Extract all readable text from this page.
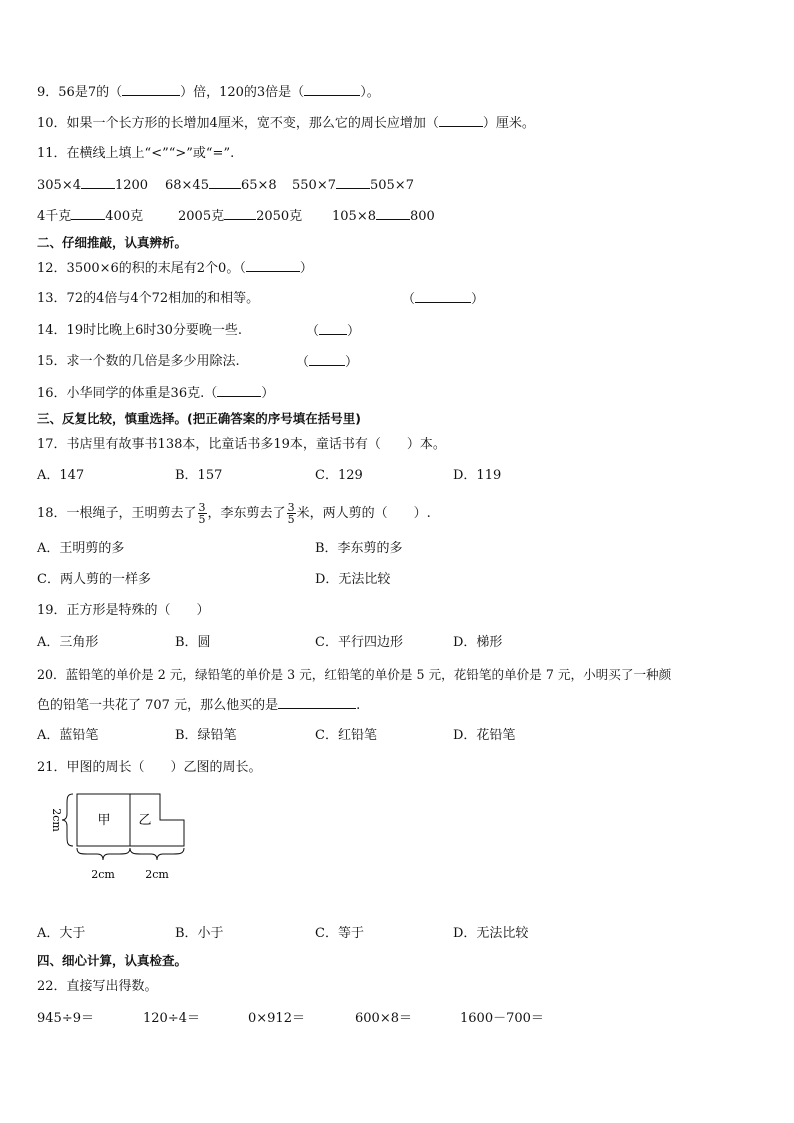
9．56是7的（	）倍，120的3倍是（	）。
10．如果一个长方形的长增加4厘米，宽不变，那么它的周长应增加（	）厘米。
11．在横线上填上“<”“>”或“=”.
305×4	1200 68×45 65×8 550×7	505×7
4千克	400克	2005克 2050克 105×8	800
二、仔细推敲，认真辨析。
12．3500×6的积的末尾有2个0。（	）
13．72的4倍与4个72相加的和相等。	（	）
14．19时比晚上6时30分要晚一些.	（ ）
15．求一个数的几倍是多少用除法.	（	）
16．小华同学的体重是36克.（	）
三、反复比较，慎重选择。(把正确答案的序号填在括号里)
17．书店里有故事书138本，比童话书多19本，童话书有（　　）本。
A．147	B．157	C．129	D．119
18．一根绳子，王明剪去了 $\frac{3}{5}$ ，李东剪去了 $\frac{3}{5}$ 米，两人剪的（　　）.
A．王明剪的多	B．李东剪的多
C．两人剪的一样多	D．无法比较
19．正方形是特殊的（　　）
A．三角形	B．圆	C．平行四边形	D．梯形
20．蓝铅笔的单价是 2 元，绿铅笔的单价是 3 元，红铅笔的单价是 5 元，花铅笔的单价是 7 元，小明买了一种颜
色的铅笔一共花了 707 元，那么他买的是	.
A．蓝铅笔	B．绿铅笔	C．红铅笔	D．花铅笔
21．甲图的周长（　　）乙图的周长。
甲 乙
2cm
2cm	2cm
A．大于	B．小于	C．等于	D．无法比较
四、细心计算，认真检查。
22．直接写出得数。
945÷9＝	120÷4＝	0×912＝	600×8＝	1600－700＝
